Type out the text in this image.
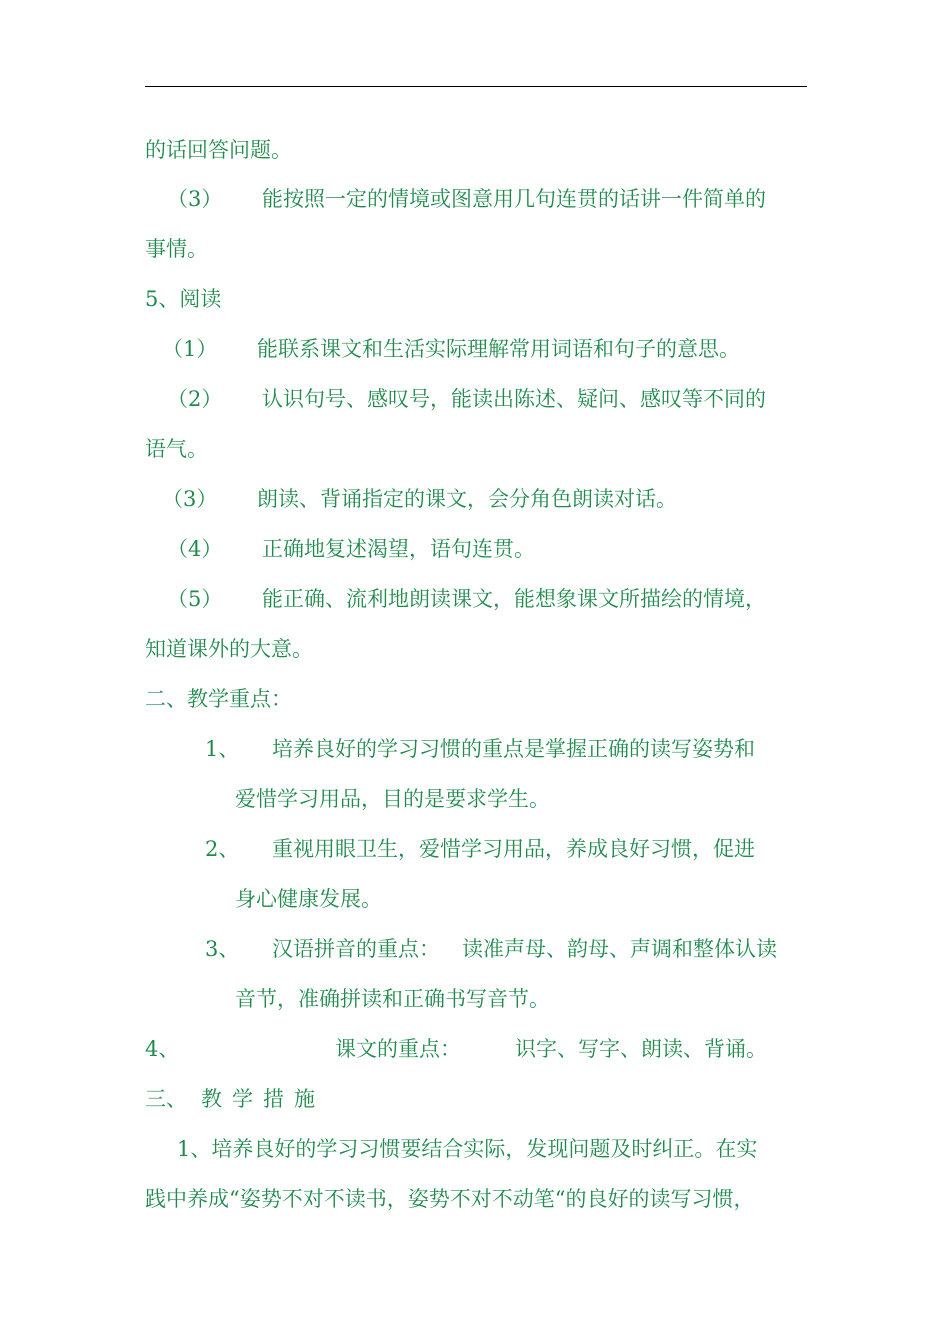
的话回答问题。
（3） 能按照一定的情境或图意用几句连贯的话讲一件简单的
事情。
5、阅读
（1） 能联系课文和生活实际理解常用词语和句子的意思。
（2） 认识句号、感叹号，能读出陈述、疑问、感叹等不同的
语气。
（3） 朗读、背诵指定的课文，会分角色朗读对话。
（4） 正确地复述渴望，语句连贯。
（5） 能正确、流利地朗读课文，能想象课文所描绘的情境，
知道课外的大意。
二、教学重点：
1、 培养良好的学习习惯的重点是掌握正确的读写姿势和
爱惜学习用品，目的是要求学生。
2、 重视用眼卫生，爱惜学习用品，养成良好习惯，促进
身心健康发展。
3、 汉语拼音的重点： 读准声母、韵母、声调和整体认读
音节，准确拼读和正确书写音节。
4、	课文的重点：	识字、写字、朗读、背诵。
三、 教学措施
1、培养良好的学习习惯要结合实际，发现问题及时纠正。在实
践中养成“姿势不对不读书，姿势不对不动笔“的良好的读写习惯，
